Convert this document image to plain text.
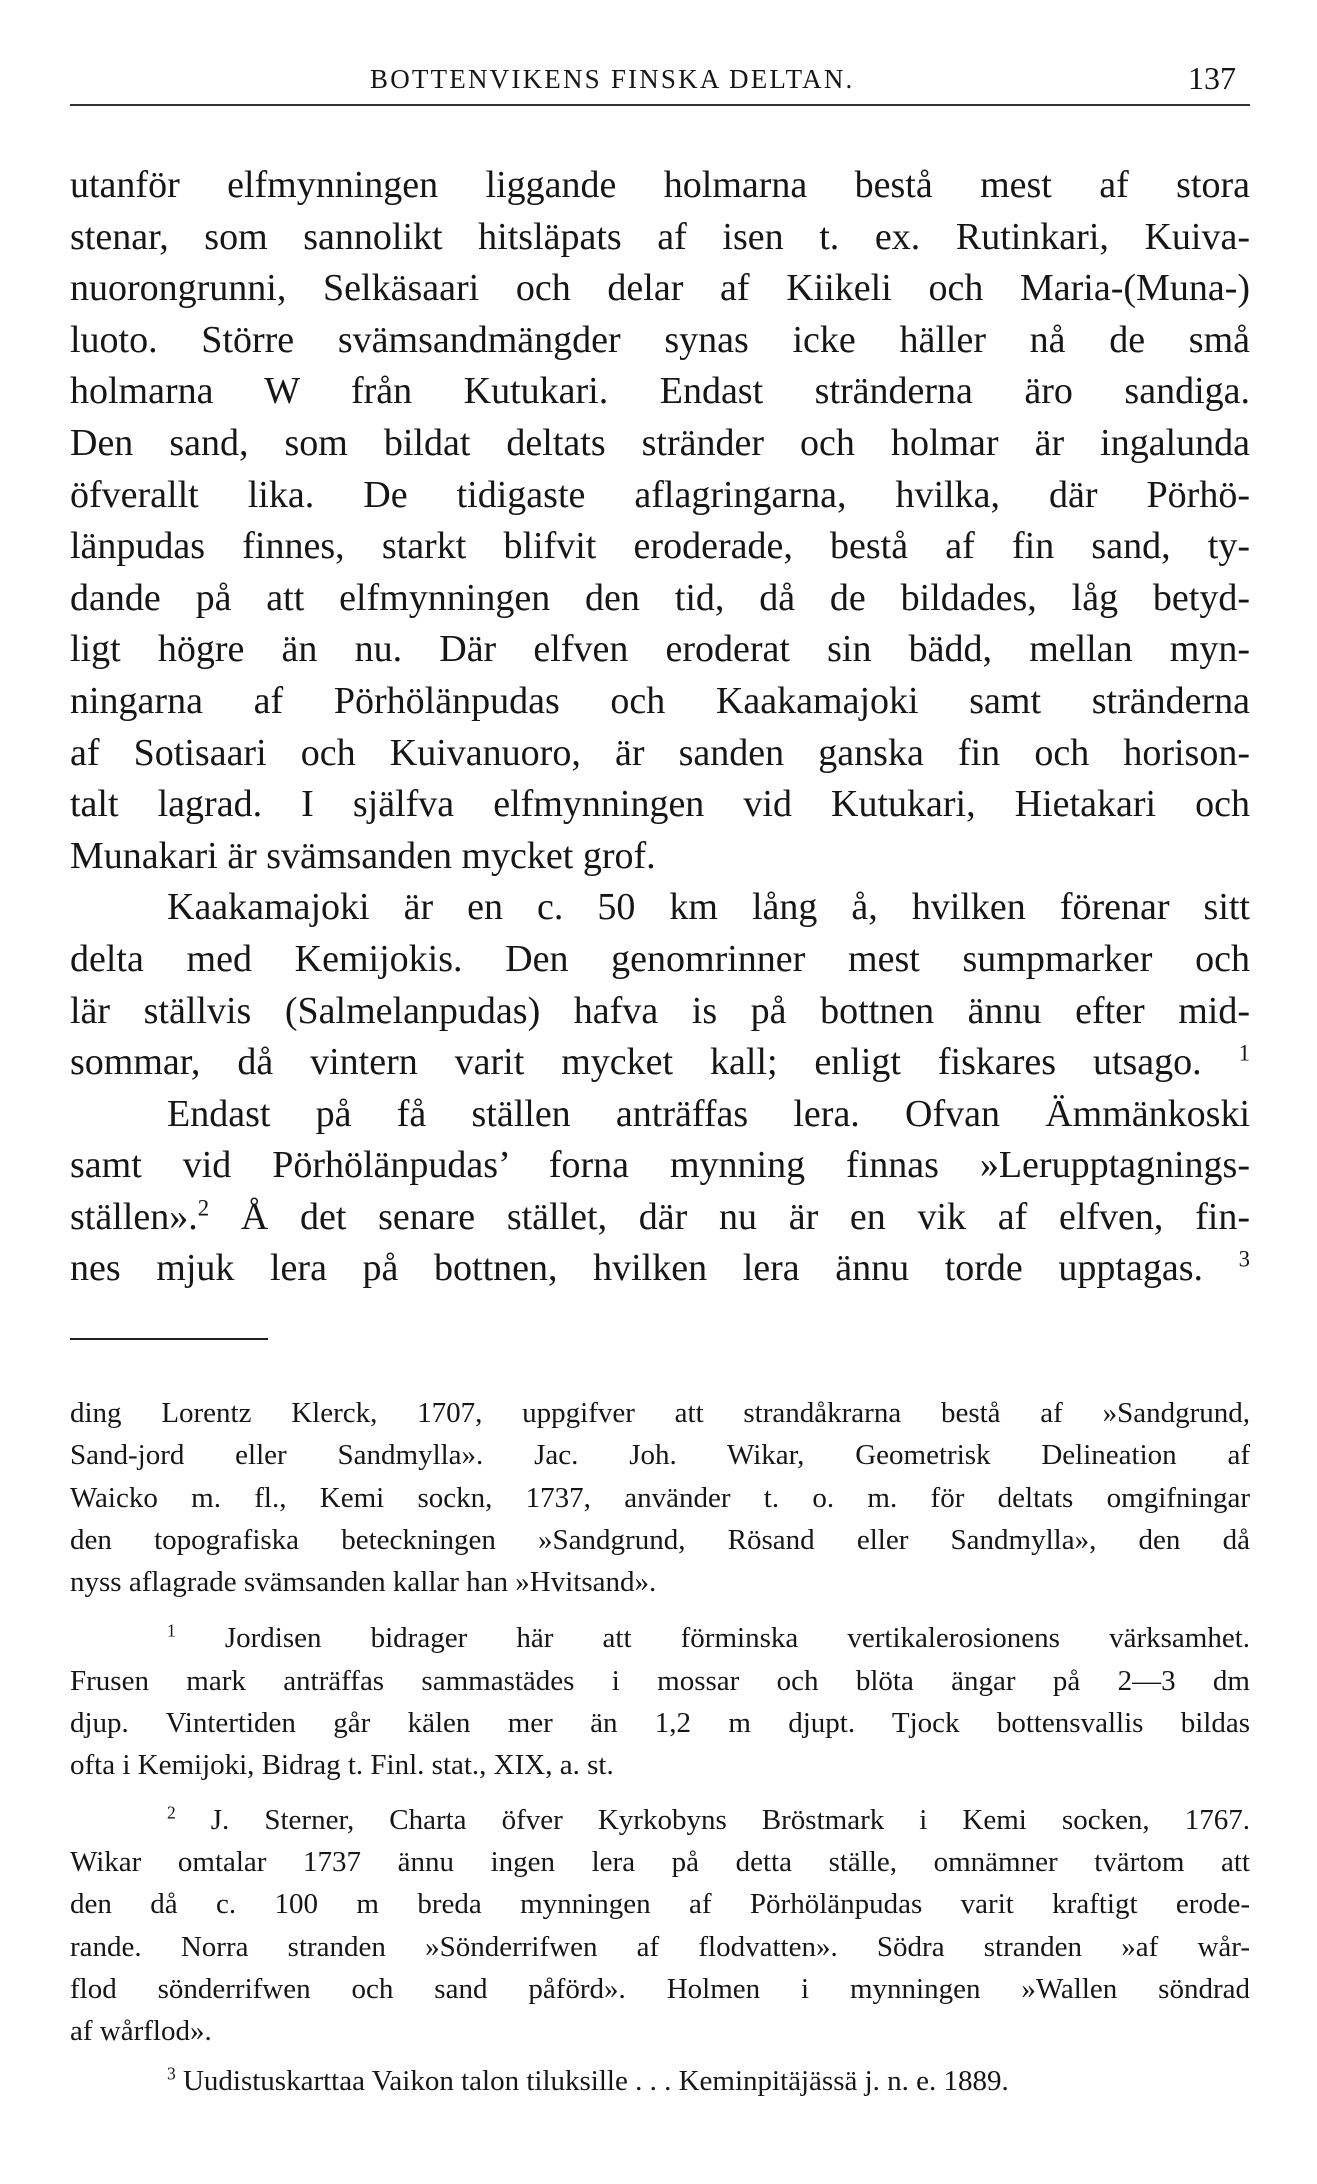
BOTTENVIKENS FINSKA DELTAN.	137
utanför elfmynningen liggande holmarna bestå mest af stora
stenar, som sannolikt hitsläpats af isen t. ex. Rutinkari, Kuiva-
nuorongrunni, Selkäsaari och delar af Kiikeli och Maria-(Muna-)
luoto. Större svämsandmängder synas icke häller nå de små
holmarna W från Kutukari. Endast stränderna äro sandiga.
Den sand, som bildat deltats stränder och holmar är ingalunda
öfverallt lika. De tidigaste aflagringarna, hvilka, där Pörhö-
länpudas finnes, starkt blifvit eroderade, bestå af fin sand, ty-
dande på att elfmynningen den tid, då de bildades, låg betyd-
ligt högre än nu. Där elfven eroderat sin bädd, mellan myn-
ningarna af Pörhölänpudas och Kaakamajoki samt stränderna
af Sotisaari och Kuivanuoro, är sanden ganska fin och horison-
talt lagrad. I själfva elfmynningen vid Kutukari, Hietakari och
Munakari är svämsanden mycket grof.
Kaakamajoki är en c. 50 km lång å, hvilken förenar sitt
delta med Kemijokis. Den genomrinner mest sumpmarker och
lär ställvis (Salmelanpudas) hafva is på bottnen ännu efter mid-
sommar, då vintern varit mycket kall; enligt fiskares utsago. $^1$
Endast på få ställen anträffas lera. Ofvan Ämmänkoski
samt vid Pörhölänpudas’ forna mynning finnas »Lerupptagnings-
ställen».$^2$ Å det senare stället, där nu är en vik af elfven, fin-
nes mjuk lera på bottnen, hvilken lera ännu torde upptagas. $^3$
ding Lorentz Klerck, 1707, uppgifver att strandåkrarna bestå af »Sandgrund,
Sand-jord eller Sandmylla». Jac. Joh. Wikar, Geometrisk Delineation af
Waicko m. fl., Kemi sockn, 1737, använder t. o. m. för deltats omgifningar
den topografiska beteckningen »Sandgrund, Rösand eller Sandmylla», den då
nyss aflagrade svämsanden kallar han »Hvitsand».
$^1$ Jordisen bidrager här att förminska vertikalerosionens värksamhet.
Frusen mark anträffas sammastädes i mossar och blöta ängar på 2—3 dm
djup. Vintertiden går kälen mer än 1,2 m djupt. Tjock bottensvallis bildas
ofta i Kemijoki, Bidrag t. Finl. stat., XIX, a. st.
$^2$ J. Sterner, Charta öfver Kyrkobyns Bröstmark i Kemi socken, 1767.
Wikar omtalar 1737 ännu ingen lera på detta ställe, omnämner tvärtom att
den då c. 100 m breda mynningen af Pörhölänpudas varit kraftigt erode-
rande. Norra stranden »Sönderrifwen af flodvatten». Södra stranden »af wår-
flod sönderrifwen och sand påförd». Holmen i mynningen »Wallen söndrad
af wårflod».
$^3$ Uudistuskarttaa Vaikon talon tiluksille . . . Keminpitäjässä j. n. e. 1889.
